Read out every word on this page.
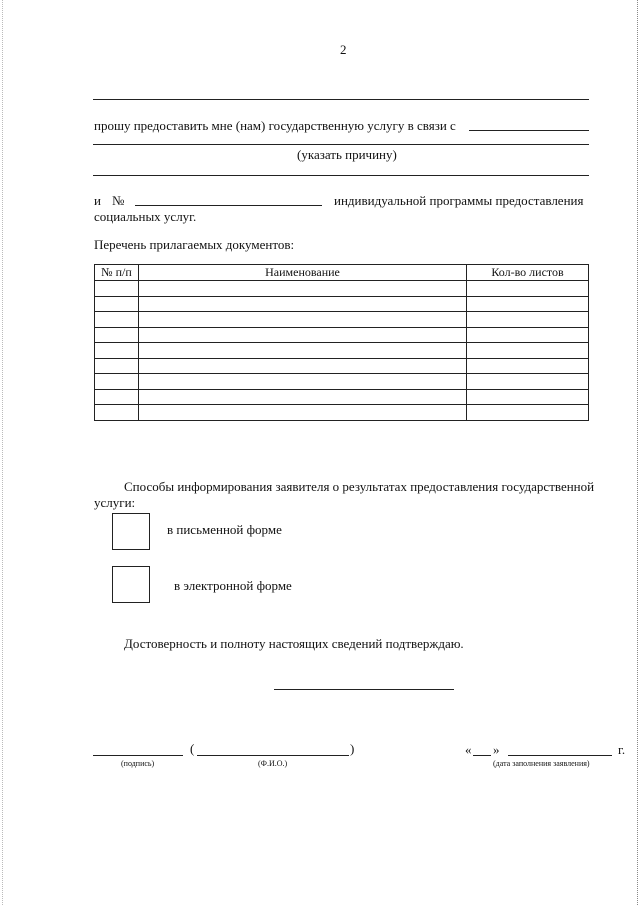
2
прошу предоставить мне (нам) государственную услугу в связи с
(указать причину)
и №	индивидуальной программы предоставления
социальных услуг.
Перечень прилагаемых документов:
№ п/п	Наименование	Кол-во листов

Способы информирования заявителя о результатах предоставления государственной
услуги:
в письменной форме
в электронной форме
Достоверность и полноту настоящих сведений подтверждаю.
(подпись)
(	)
(Ф.И.О.)
« »	г.
(дата заполнения заявления)
